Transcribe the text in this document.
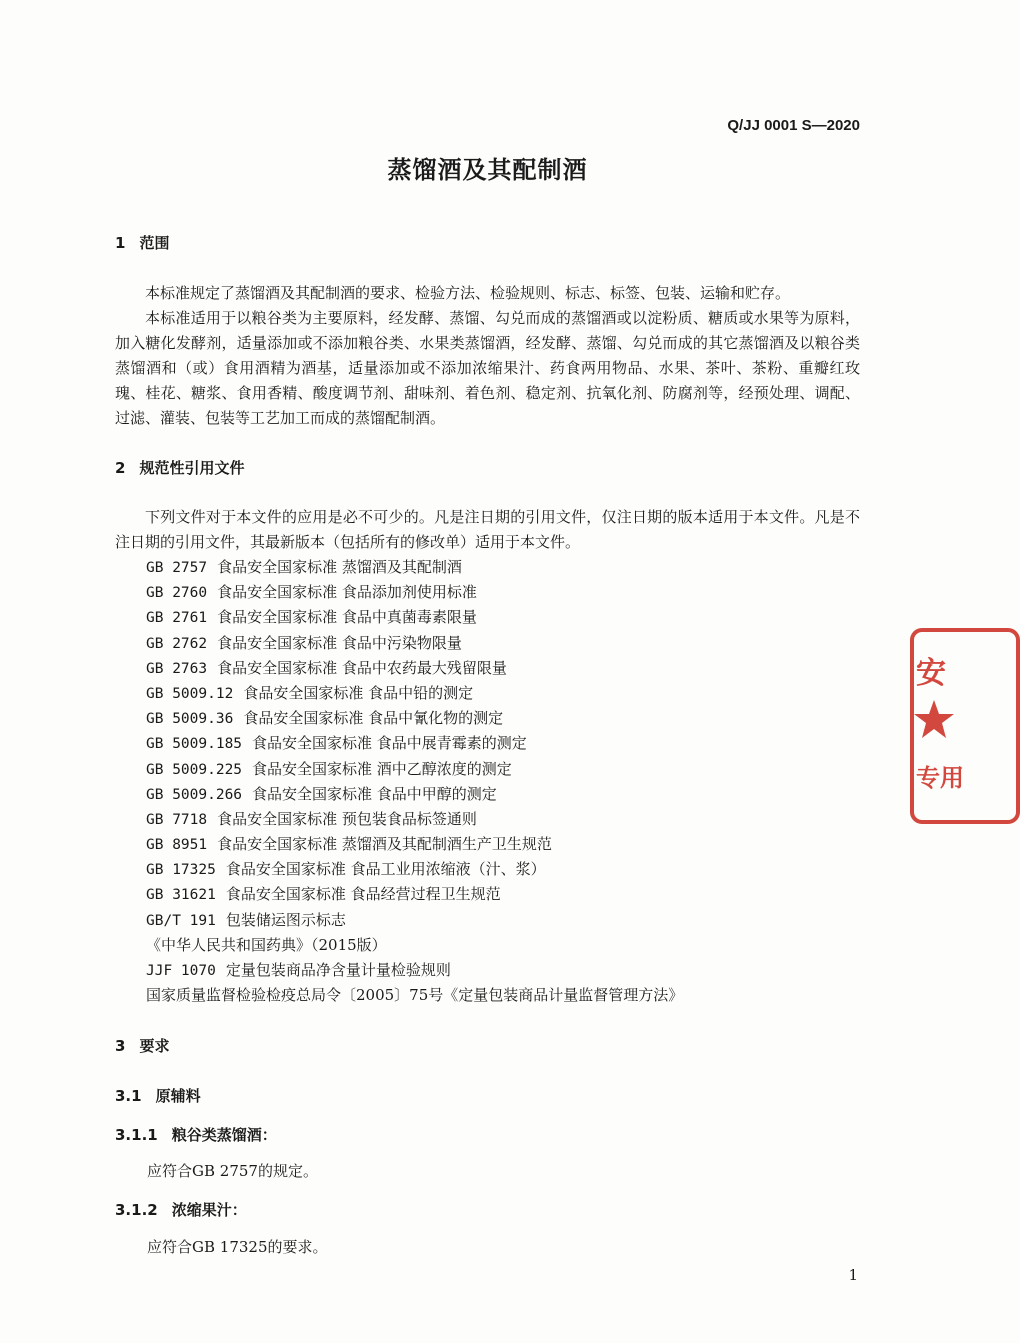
Q/JJ 0001 S—2020
蒸馏酒及其配制酒
1 范围
本标准规定了蒸馏酒及其配制酒的要求、检验方法、检验规则、标志、标签、包装、运输和贮存。
本标准适用于以粮谷类为主要原料，经发酵、蒸馏、勾兑而成的蒸馏酒或以淀粉质、糖质或水果等为原料，加入糖化发酵剂，适量添加或不添加粮谷类、水果类蒸馏酒，经发酵、蒸馏、勾兑而成的其它蒸馏酒及以粮谷类蒸馏酒和（或）食用酒精为酒基，适量添加或不添加浓缩果汁、药食两用物品、水果、茶叶、茶粉、重瓣红玫瑰、桂花、糖浆、食用香精、酸度调节剂、甜味剂、着色剂、稳定剂、抗氧化剂、防腐剂等，经预处理、调配、过滤、灌装、包装等工艺加工而成的蒸馏配制酒。
2 规范性引用文件
下列文件对于本文件的应用是必不可少的。凡是注日期的引用文件，仅注日期的版本适用于本文件。凡是不注日期的引用文件，其最新版本（包括所有的修改单）适用于本文件。
GB 2757 食品安全国家标准 蒸馏酒及其配制酒
GB 2760 食品安全国家标准 食品添加剂使用标准
GB 2761 食品安全国家标准 食品中真菌毒素限量
GB 2762 食品安全国家标准 食品中污染物限量
GB 2763 食品安全国家标准 食品中农药最大残留限量
GB 5009.12 食品安全国家标准 食品中铅的测定
GB 5009.36 食品安全国家标准 食品中氰化物的测定
GB 5009.185 食品安全国家标准 食品中展青霉素的测定
GB 5009.225 食品安全国家标准 酒中乙醇浓度的测定
GB 5009.266 食品安全国家标准 食品中甲醇的测定
GB 7718 食品安全国家标准 预包装食品标签通则
GB 8951 食品安全国家标准 蒸馏酒及其配制酒生产卫生规范
GB 17325 食品安全国家标准 食品工业用浓缩液（汁、浆）
GB 31621 食品安全国家标准 食品经营过程卫生规范
GB/T 191 包装储运图示标志
《中华人民共和国药典》（2015版）
JJF 1070 定量包装商品净含量计量检验规则
国家质量监督检验检疫总局令〔2005〕75号《定量包装商品计量监督管理方法》
3 要求
3.1 原辅料
3.1.1 粮谷类蒸馏酒：
应符合GB 2757的规定。
3.1.2 浓缩果汁：
应符合GB 17325的要求。
安
专用
1
